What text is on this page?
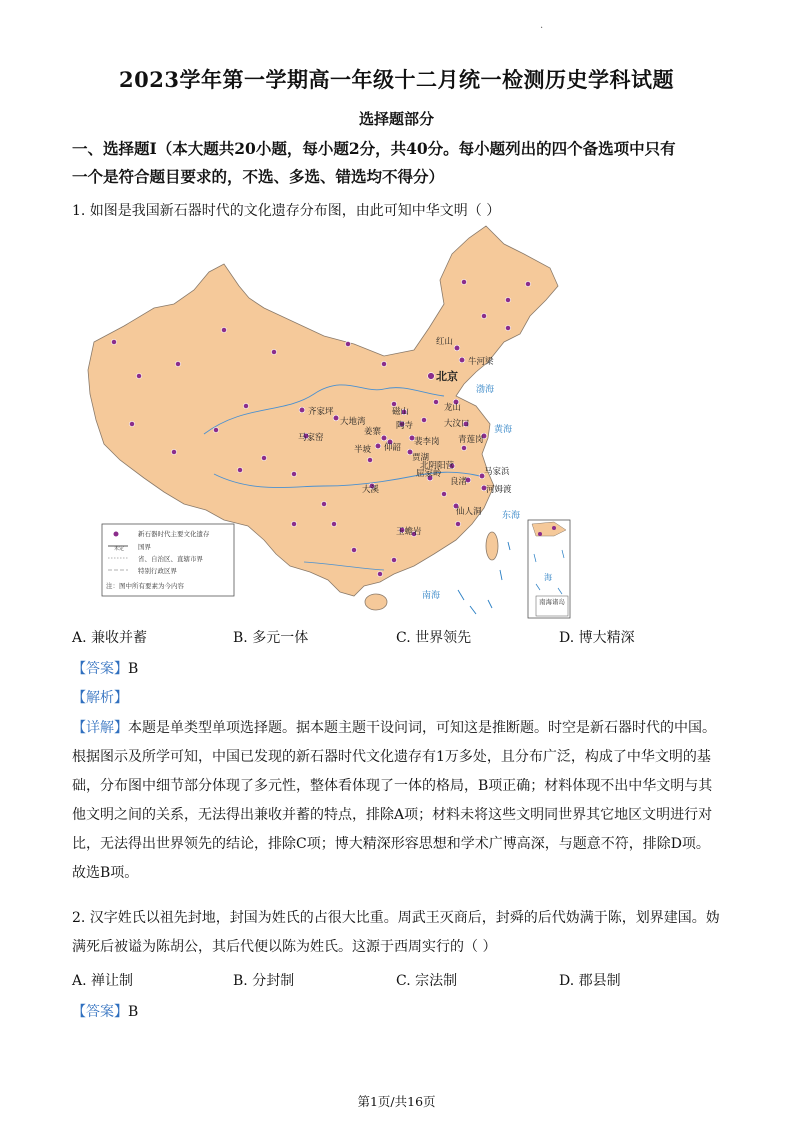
.
2023学年第一学期高一年级十二月统一检测历史学科试题
选择题部分
一、选择题Ⅰ（本大题共20小题，每小题2分，共40分。每小题列出的四个备选项中只有
一个是符合题目要求的，不选、多选、错选均不得分）
1. 如图是我国新石器时代的文化遗存分布图，由此可知中华文明（ ）
红山
牛河梁
北京
龙山
大汶口
齐家坪
大地湾
马家窑
磁山
陶寺
姜寨
半坡 仰韶
裴李岗
贾湖
青莲岗
屈家岭
北阴阳营
马家浜
良渚
河姆渡
大溪
仙人洞
玉蟾岩
渤海
黄海
东海
南海
新石器时代主要文化遗存
未定 国界
省、自治区、直辖市界
特别行政区界
注：图中所有要素为今内容
海
南海诸岛
A. 兼收并蓄	B. 多元一体	C. 世界领先	D. 博大精深
【答案】B
【解析】
【详解】本题是单类型单项选择题。据本题主题干设问词，可知这是推断题。时空是新石器时代的中国。
根据图示及所学可知，中国已发现的新石器时代文化遗存有1万多处，且分布广泛，构成了中华文明的基
础，分布图中细节部分体现了多元性，整体看体现了一体的格局，B项正确；材料体现不出中华文明与其
他文明之间的关系，无法得出兼收并蓄的特点，排除A项；材料未将这些文明同世界其它地区文明进行对
比，无法得出世界领先的结论，排除C项；博大精深形容思想和学术广博高深，与题意不符，排除D项。
故选B项。
2. 汉字姓氏以祖先封地，封国为姓氏的占很大比重。周武王灭商后，封舜的后代妫满于陈，划界建国。妫
满死后被谥为陈胡公，其后代便以陈为姓氏。这源于西周实行的（ ）
A. 禅让制	B. 分封制	C. 宗法制	D. 郡县制
【答案】B
第1页/共16页
